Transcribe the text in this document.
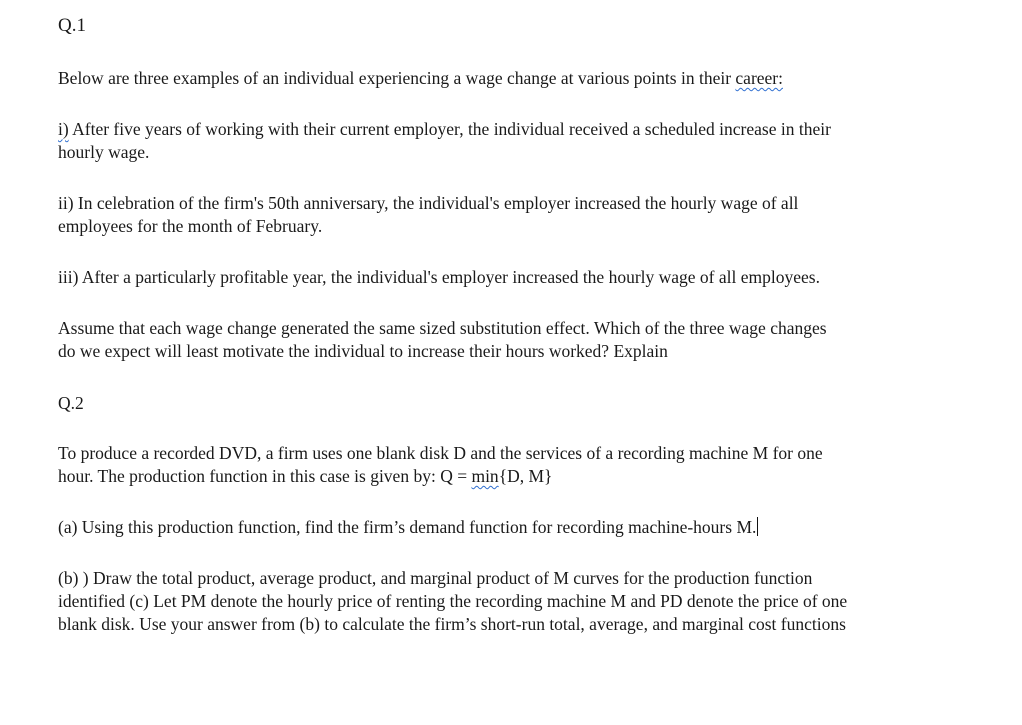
Q.1

Below are three examples of an individual experiencing a wage change at various points in their career:

i) After five years of working with their current employer, the individual received a scheduled increase in their
hourly wage.

ii) In celebration of the firm's 50th anniversary, the individual's employer increased the hourly wage of all
employees for the month of February.

iii) After a particularly profitable year, the individual's employer increased the hourly wage of all employees.

Assume that each wage change generated the same sized substitution effect. Which of the three wage changes
do we expect will least motivate the individual to increase their hours worked? Explain

Q.2

To produce a recorded DVD, a firm uses one blank disk D and the services of a recording machine M for one
hour. The production function in this case is given by: Q = min{D, M}

(a) Using this production function, find the firm’s demand function for recording machine-hours M.

(b) ) Draw the total product, average product, and marginal product of M curves for the production function
identified (c) Let PM denote the hourly price of renting the recording machine M and PD denote the price of one
blank disk. Use your answer from (b) to calculate the firm’s short-run total, average, and marginal cost functions
